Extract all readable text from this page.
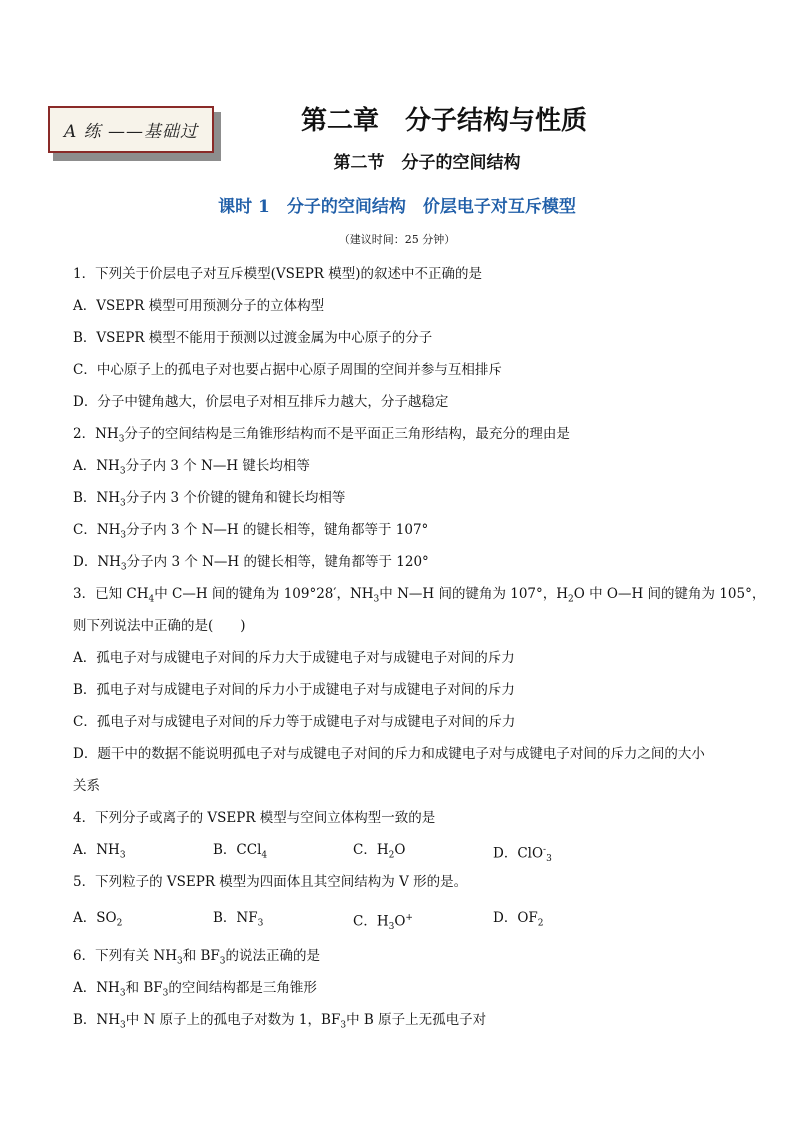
A 练 ——基础过	第二章　分子结构与性质
第二节　分子的空间结构
课时 1　分子的空间结构　价层电子对互斥模型
（建议时间：25 分钟）
1．下列关于价层电子对互斥模型(VSEPR 模型)的叙述中不正确的是
A．VSEPR 模型可用预测分子的立体构型
B．VSEPR 模型不能用于预测以过渡金属为中心原子的分子
C．中心原子上的孤电子对也要占据中心原子周围的空间并参与互相排斥
D．分子中键角越大，价层电子对相互排斥力越大，分子越稳定
2．$NH_3$分子的空间结构是三角锥形结构而不是平面正三角形结构，最充分的理由是
A．$NH_3$分子内 3 个 N—H 键长均相等
B．$NH_3$分子内 3 个价键的键角和键长均相等
C．$NH_3$分子内 3 个 N—H 的键长相等，键角都等于 107°
D．$NH_3$分子内 3 个 N—H 的键长相等，键角都等于 120°
3．已知 $CH_4$中 C—H 间的键角为 109°28′，$NH_3$中 N—H 间的键角为 107°，$H_2O$ 中 O—H 间的键角为 105°，
则下列说法中正确的是(　　)
A．孤电子对与成键电子对间的斥力大于成键电子对与成键电子对间的斥力
B．孤电子对与成键电子对间的斥力小于成键电子对与成键电子对间的斥力
C．孤电子对与成键电子对间的斥力等于成键电子对与成键电子对间的斥力
D．题干中的数据不能说明孤电子对与成键电子对间的斥力和成键电子对与成键电子对间的斥力之间的大小
关系
4．下列分子或离子的 VSEPR 模型与空间立体构型一致的是
A．$NH_3$	B．CCl$_4$	C．$H_2O$	D．ClO-$_3$
5．下列粒子的 VSEPR 模型为四面体且其空间结构为 V 形的是。
A．$SO_2$	B．$NF_3$	C．$H_3O^+$	D．$OF_2$
6．下列有关 $NH_3$和 $BF_3$的说法正确的是
A．$NH_3$和 $BF_3$的空间结构都是三角锥形
B．$NH_3$中 N 原子上的孤电子对数为 1，$BF_3$中 B 原子上无孤电子对
